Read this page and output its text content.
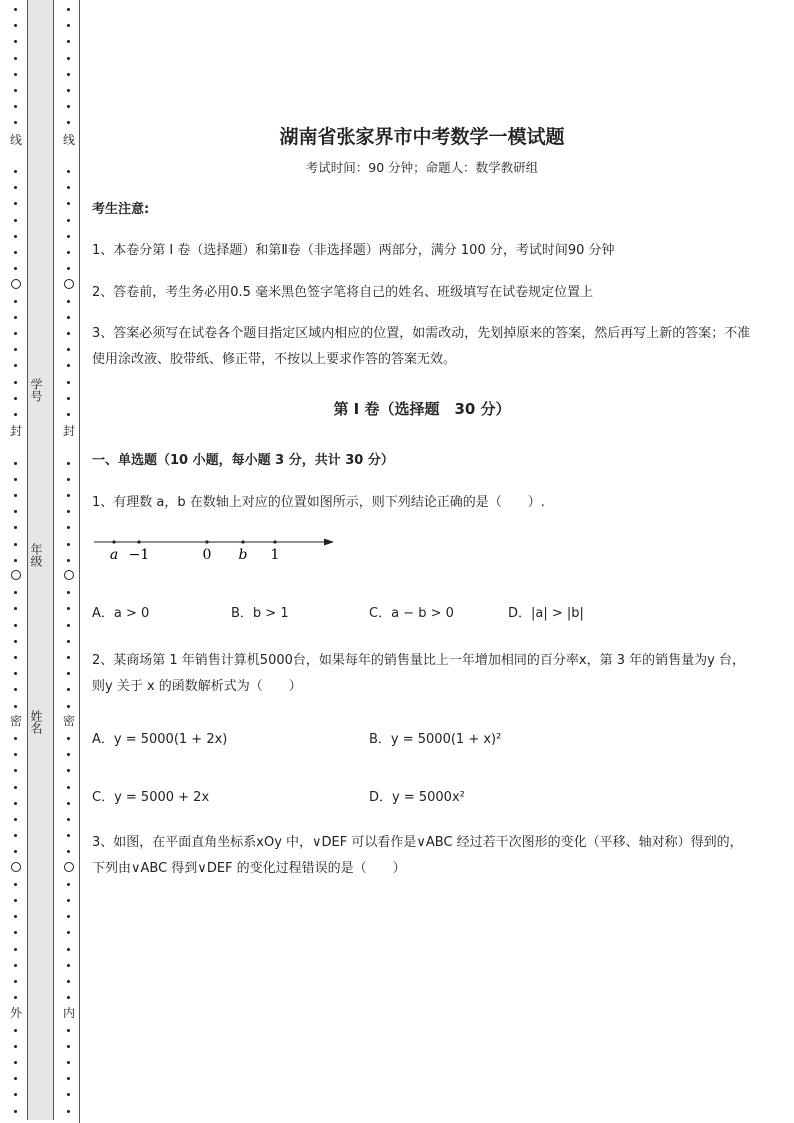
线
封
密
外
学号
年级
姓名
线
封
密
内
湖南省张家界市中考数学一模试题
考试时间：90 分钟；命题人：数学教研组
考生注意:
1、本卷分第 I 卷（选择题）和第Ⅱ卷（非选择题）两部分，满分 100 分，考试时间90 分钟
2、答卷前，考生务必用0.5 毫米黑色签字笔将自己的姓名、班级填写在试卷规定位置上
3、答案必须写在试卷各个题目指定区域内相应的位置，如需改动，先划掉原来的答案，然后再写上新的答案；不准使用涂改液、胶带纸、修正带，不按以上要求作答的答案无效。
第 I 卷（选择题　30 分）
一、单选题（10 小题，每小题 3 分，共计 30 分）
1、有理数 a，b 在数轴上对应的位置如图所示，则下列结论正确的是（　　）.
a −1	0 b 1
A．a > 0	B．b > 1	C．a − b > 0	D．|a| > |b|
2、某商场第 1 年销售计算机5000台，如果每年的销售量比上一年增加相同的百分率x，第 3 年的销售量为y 台，则y 关于 x 的函数解析式为（　　）
A．y = 5000(1 + 2x)	B．y = 5000(1 + x)²
C．y = 5000 + 2x	D．y = 5000x²
3、如图，在平面直角坐标系xOy 中，∨DEF 可以看作是∨ABC 经过若干次图形的变化（平移、轴对称）得到的，下列由∨ABC 得到∨DEF 的变化过程错误的是（　　）
